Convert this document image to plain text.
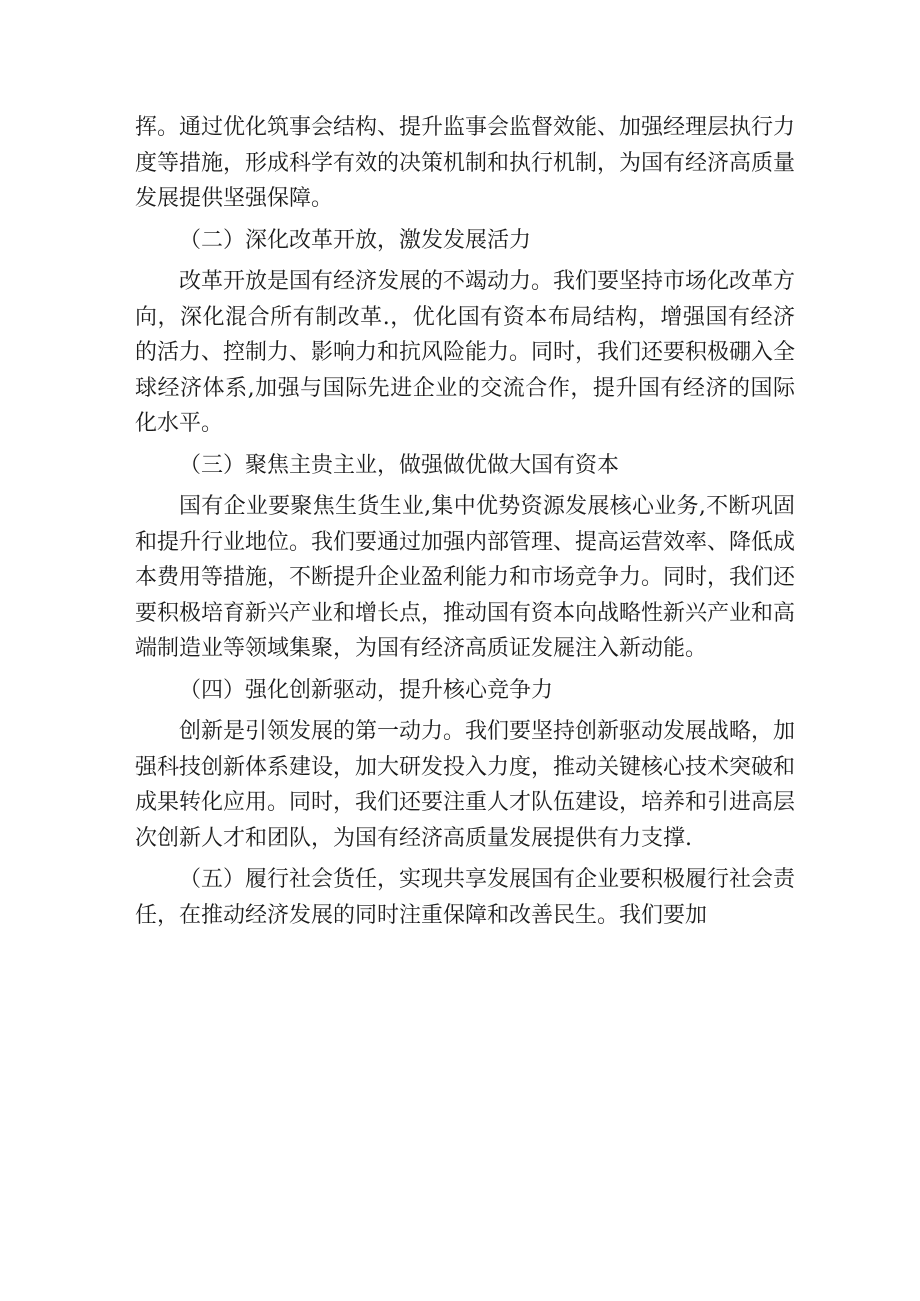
挥。通过优化筑事会结构、提升监事会监督效能、加强经理层执行力度等措施，形成科学有效的决策机制和执行机制，为国有经济高质量发展提供坚强保障。

（二）深化改革开放，激发发展活力

改革开放是国有经济发展的不竭动力。我们要坚持市场化改革方向，深化混合所有制改革.，优化国有资本布局结构，增强国有经济的活力、控制力、影响力和抗风险能力。同时，我们还要积极硼入全球经济体系,加强与国际先进企业的交流合作，提升国有经济的国际化水平。

（三）聚焦主贵主业，做强做优做大国有资本

国有企业要聚焦生货生业,集中优势资源发展核心业务,不断巩固和提升行业地位。我们要通过加强内部管理、提高运营效率、降低成本费用等措施，不断提升企业盈利能力和市场竞争力。同时，我们还要积极培育新兴产业和增长点，推动国有资本向战略性新兴产业和高端制造业等领域集聚，为国有经济高质证发屣注入新动能。

（四）强化创新驱动，提升核心竞争力

创新是引领发展的第一动力。我们要坚持创新驱动发展战略，加强科技创新体系建设，加大研发投入力度，推动关键核心技术突破和成果转化应用。同时，我们还要注重人才队伍建设，培养和引进高层次创新人才和团队，为国有经济高质量发展提供有力支撑.

（五）履行社会货任，实现共享发展国有企业要积极履行社会责任，在推动经济发展的同时注重保障和改善民生。我们要加
